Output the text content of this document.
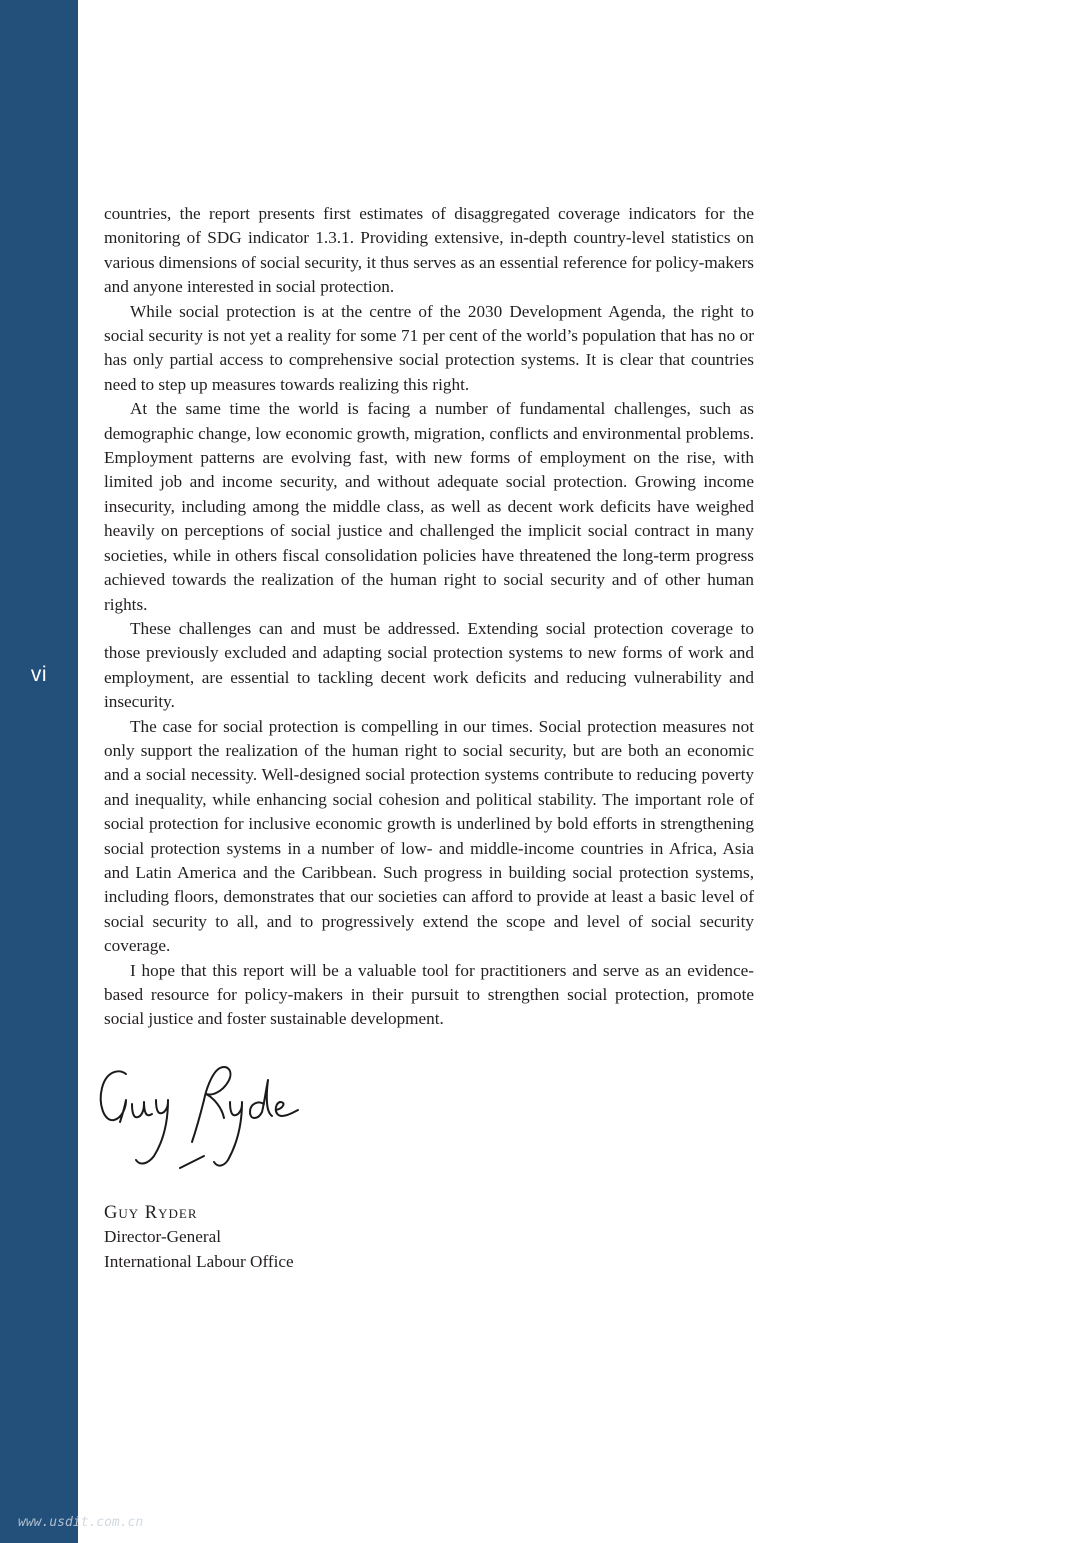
vi

countries, the report presents first estimates of disaggregated coverage indicators for the monitoring of SDG indicator 1.3.1. Providing extensive, in-depth country-level statistics on various dimensions of social security, it thus serves as an essential reference for policy-makers and anyone interested in social protection.

While social protection is at the centre of the 2030 Development Agenda, the right to social security is not yet a reality for some 71 per cent of the world’s population that has no or has only partial access to comprehensive social protection systems. It is clear that countries need to step up measures towards realizing this right.

At the same time the world is facing a number of fundamental challenges, such as demographic change, low economic growth, migration, conflicts and environmental problems. Employment patterns are evolving fast, with new forms of employment on the rise, with limited job and income security, and without adequate social protection. Growing income insecurity, including among the middle class, as well as decent work deficits have weighed heavily on perceptions of social justice and challenged the implicit social contract in many societies, while in others fiscal consolidation policies have threatened the long-term progress achieved towards the realization of the human right to social security and of other human rights.

These challenges can and must be addressed. Extending social protection coverage to those previously excluded and adapting social protection systems to new forms of work and employment, are essential to tackling decent work deficits and reducing vulnerability and insecurity.

The case for social protection is compelling in our times. Social protection measures not only support the realization of the human right to social security, but are both an economic and a social necessity. Well-designed social protection systems contribute to reducing poverty and inequality, while enhancing social cohesion and political stability. The important role of social protection for inclusive economic growth is underlined by bold efforts in strengthening social protection systems in a number of low- and middle-income countries in Africa, Asia and Latin America and the Caribbean. Such progress in building social protection systems, including floors, demonstrates that our societies can afford to provide at least a basic level of social security to all, and to progressively extend the scope and level of social security coverage.

I hope that this report will be a valuable tool for practitioners and serve as an evidence-based resource for policy-makers in their pursuit to strengthen social protection, promote social justice and foster sustainable development.

Guy Ryder
Director-General
International Labour Office
www.usdit.com.cn
